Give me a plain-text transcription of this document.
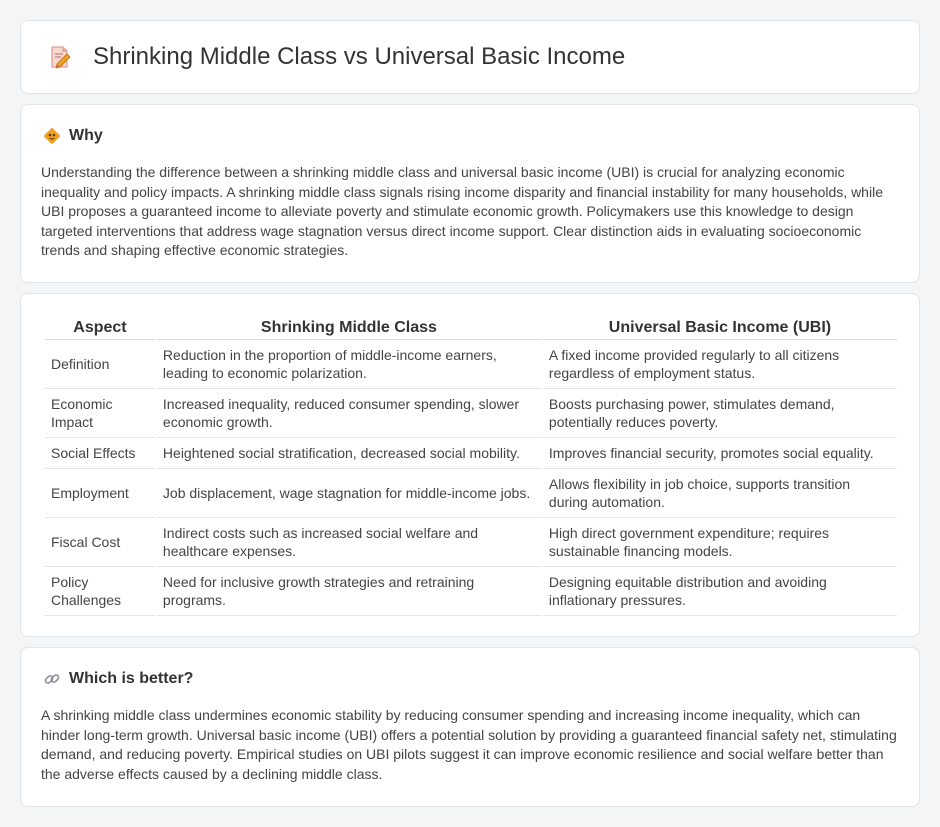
Shrinking Middle Class vs Universal Basic Income
Why

Understanding the difference between a shrinking middle class and universal basic income (UBI) is crucial for analyzing economic inequality and policy impacts. A shrinking middle class signals rising income disparity and financial instability for many households, while UBI proposes a guaranteed income to alleviate poverty and stimulate economic growth. Policymakers use this knowledge to design targeted interventions that address wage stagnation versus direct income support. Clear distinction aids in evaluating socioeconomic trends and shaping effective economic strategies.

Aspect	Shrinking Middle Class	Universal Basic Income (UBI)
Definition	Reduction in the proportion of middle-income earners, leading to economic polarization.	A fixed income provided regularly to all citizens regardless of employment status.
Economic Impact	Increased inequality, reduced consumer spending, slower economic growth.	Boosts purchasing power, stimulates demand, potentially reduces poverty.
Social Effects	Heightened social stratification, decreased social mobility.	Improves financial security, promotes social equality.
Employment	Job displacement, wage stagnation for middle-income jobs.	Allows flexibility in job choice, supports transition during automation.
Fiscal Cost	Indirect costs such as increased social welfare and healthcare expenses.	High direct government expenditure; requires sustainable financing models.
Policy Challenges	Need for inclusive growth strategies and retraining programs.	Designing equitable distribution and avoiding inflationary pressures.
Which is better?

A shrinking middle class undermines economic stability by reducing consumer spending and increasing income inequality, which can hinder long-term growth. Universal basic income (UBI) offers a potential solution by providing a guaranteed financial safety net, stimulating demand, and reducing poverty. Empirical studies on UBI pilots suggest it can improve economic resilience and social welfare better than the adverse effects caused by a declining middle class.
